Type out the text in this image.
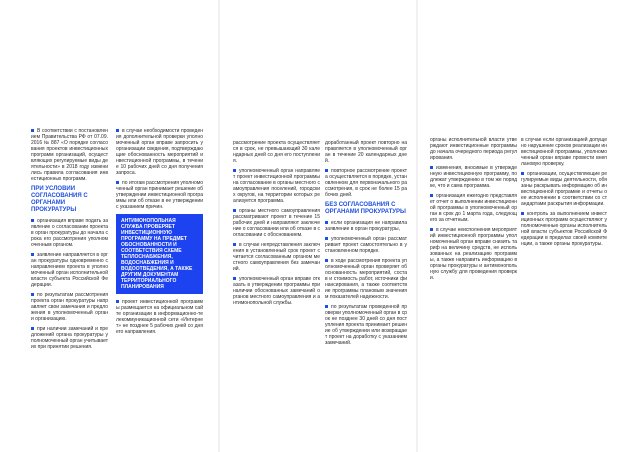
В соответствии с постановлением Правительства РФ от 07.09.2016 № 887 «О порядке согласования проектов инвестиционных программ организаций, осуществляющих регулируемые виды деятельности» в 2018 году изменились правила согласования инвестиционных программ.

ПРИ УСЛОВИИ СОГЛАСОВАНИЯ С ОРГАНАМИ ПРОКУРАТУРЫ

организация вправе подать заявление о согласовании проекта в орган прокуратуры до начала срока его рассмотрения уполномоченным органом.

заявление направляется в орган прокуратуры одновременно с направлением проекта в уполномоченный орган исполнительной власти субъекта Российской Федерации.

по результатам рассмотрения проекта орган прокуратуры направляет свои замечания и предложения в уполномоченный орган и организацию.

при наличии замечаний и предложений органа прокуратуры уполномоченный орган учитывает их при принятии решения.

в случае необходимости проведения дополнительной проверки уполномоченный орган вправе запросить у организации сведения, подтверждающие обоснованность мероприятий инвестиционной программы, в течение 10 рабочих дней со дня получения запроса.

по итогам рассмотрения уполномоченный орган принимает решение об утверждении инвестиционной программы или об отказе в ее утверждении с указанием причин.

АНТИМОНОПОЛЬНАЯ СЛУЖБА ПРОВЕРЯЕТ ИНВЕСТИЦИОННУЮ ПРОГРАММУ НА ПРЕДМЕТ ОБОСНОВАННОСТИ И СООТВЕТСТВИЯ СХЕМЕ ТЕПЛОСНАБЖЕНИЯ, ВОДОСНАБЖЕНИЯ И ВОДООТВЕДЕНИЯ, А ТАКЖЕ ДРУГИМ ДОКУМЕНТАМ ТЕРРИТОРИАЛЬНОГО ПЛАНИРОВАНИЯ

проект инвестиционной программы размещается на официальном сайте организации в информационно-телекоммуникационной сети «Интернет» не позднее 5 рабочих дней со дня его направления.

рассмотрение проекта осуществляется в срок, не превышающий 30 календарных дней со дня его поступления.

уполномоченный орган направляет проект инвестиционной программы на согласование в органы местного самоуправления поселений, городских округов, на территории которых реализуется программа.

органы местного самоуправления рассматривают проект в течение 15 рабочих дней и направляют заключение о согласовании или об отказе в согласовании с обоснованием.

в случае непредставления заключения в установленный срок проект считается согласованным органом местного самоуправления без замечаний.

уполномоченный орган вправе отказать в утверждении программы при наличии обоснованных замечаний органов местного самоуправления и антимонопольной службы.

доработанный проект повторно направляется в уполномоченный орган в течение 20 календарных дней.

повторное рассмотрение проекта осуществляется в порядке, установленном для первоначального рассмотрения, в срок не более 15 рабочих дней.

БЕЗ СОГЛАСОВАНИЯ С ОРГАНАМИ ПРОКУРАТУРЫ

если организация не направила заявление в орган прокуратуры,

уполномоченный орган рассматривает проект самостоятельно в установленном порядке.

в ходе рассмотрения проекта уполномоченный орган проверяет обоснованность мероприятий, состав и стоимость работ, источники финансирования, а также соответствие программы плановым значениям показателей надежности.

по результатам проведенной проверки уполномоченный орган в срок не позднее 30 дней со дня поступления проекта принимает решение об утверждении или возвращает проект на доработку с указанием замечаний.

органы исполнительной власти утверждают инвестиционные программы до начала очередного периода регулирования.

изменения, вносимые в утвержденную инвестиционную программу, подлежат утверждению в том же порядке, что и сама программа.

организация ежегодно представляет отчет о выполнении инвестиционной программы в уполномоченный орган в срок до 1 марта года, следующего за отчетным.

в случае неисполнения мероприятий инвестиционной программы уполномоченный орган вправе снизить тариф на величину средств, не использованных на реализацию программы, а также направить информацию в органы прокуратуры и антимонопольную службу для проведения проверки.

в случае если организацией допущено нарушение сроков реализации инвестиционной программы, уполномоченный орган вправе провести внеплановую проверку.

организации, осуществляющие регулируемые виды деятельности, обязаны раскрывать информацию об инвестиционной программе и отчеты о ее исполнении в соответствии со стандартами раскрытия информации.

контроль за выполнением инвестиционных программ осуществляют уполномоченные органы исполнительной власти субъектов Российской Федерации в пределах своей компетенции, а также органы прокуратуры.
